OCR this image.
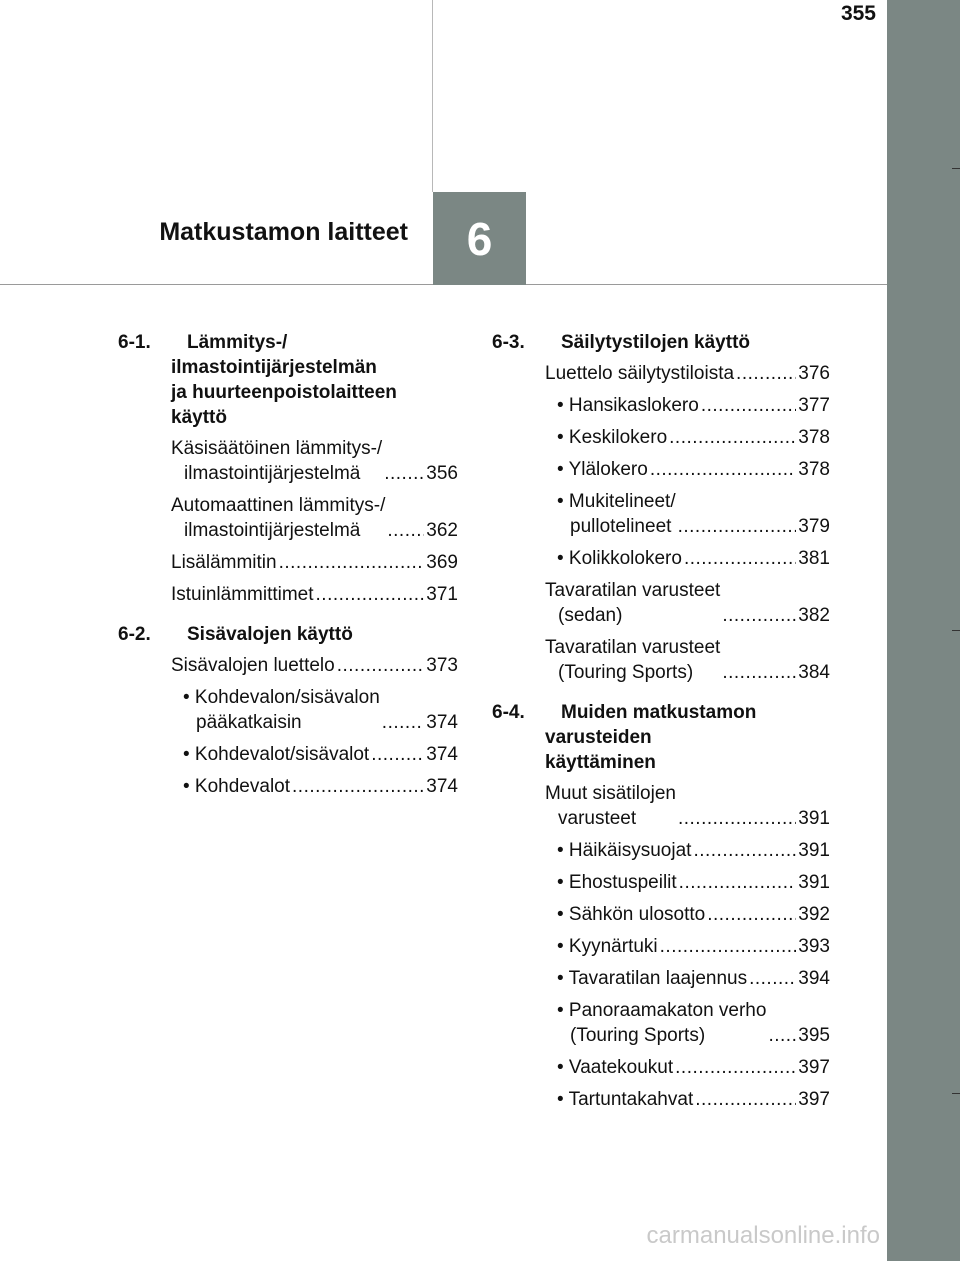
355
Matkustamon laitteet 6
6-1.	Lämmitys-/
ilmastointijärjestelmän
ja huurteenpoistolaitteen
käyttö
Käsisäätöinen lämmitys-/
ilmastointijärjestelmä .....	356
Automaattinen lämmitys-/
ilmastointijärjestelmä .....	362
Lisälämmitin .....	369
Istuinlämmittimet .....	371
6-2.	Sisävalojen käyttö
Sisävalojen luettelo .....	373
• Kohdevalon/sisävalon
pääkatkaisin .....	374
• Kohdevalot/sisävalot .....	374
• Kohdevalot .....	374
6-3.	Säilytystilojen käyttö
Luettelo säilytystiloista .....	376
• Hansikaslokero .....	377
• Keskilokero .....	378
• Ylälokero .....	378
• Mukitelineet/
pullotelineet .....	379
• Kolikkolokero .....	381
Tavaratilan varusteet
(sedan) .....	382
Tavaratilan varusteet
(Touring Sports) .....	384
6-4.	Muiden matkustamon
varusteiden
käyttäminen
Muut sisätilojen
varusteet .....	391
• Häikäisysuojat .....	391
• Ehostuspeilit .....	391
• Sähkön ulosotto .....	392
• Kyynärtuki .....	393
• Tavaratilan laajennus .....	394
• Panoraamakaton verho
(Touring Sports) .....	395
• Vaatekoukut .....	397
• Tartuntakahvat .....	397
carmanualsonline.info
